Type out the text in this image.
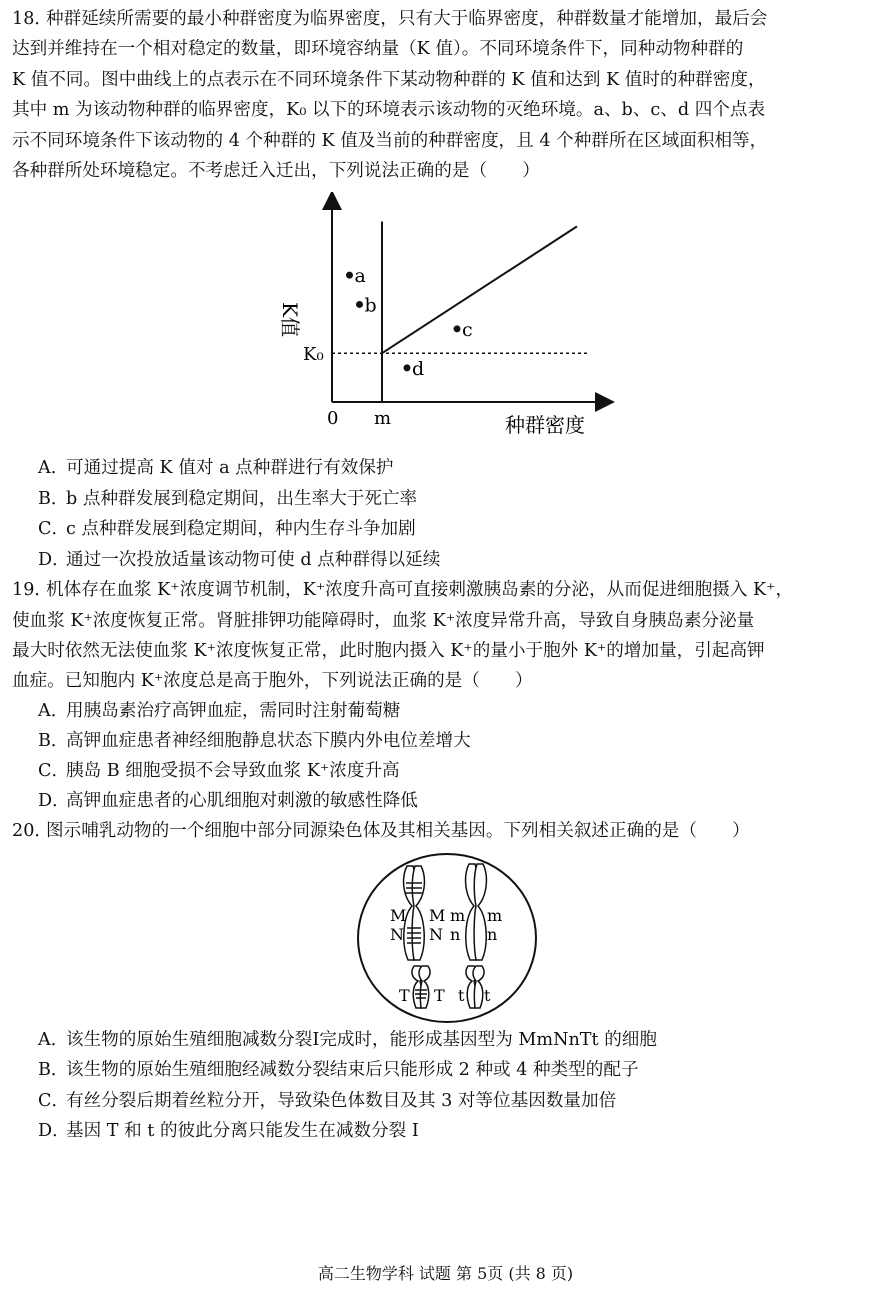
18．种群延续所需要的最小种群密度为临界密度，只有大于临界密度，种群数量才能增加，最后会
达到并维持在一个相对稳定的数量，即环境容纳量（K 值）。不同环境条件下，同种动物种群的
K 值不同。图中曲线上的点表示在不同环境条件下某动物种群的 K 值和达到 K 值时的种群密度，
其中 m 为该动物种群的临界密度，K₀ 以下的环境表示该动物的灭绝环境。a、b、c、d 四个点表
示不同环境条件下该动物的 4 个种群的 K 值及当前的种群密度，且 4 个种群所在区域面积相等，
各种群所处环境稳定。不考虑迁入迁出，下列说法正确的是（　　）
a
b
c
d
K值
种群密度
0 m
K₀
A．可通过提高 K 值对 a 点种群进行有效保护
B．b 点种群发展到稳定期间，出生率大于死亡率
C．c 点种群发展到稳定期间，种内生存斗争加剧
D．通过一次投放适量该动物可使 d 点种群得以延续
19．机体存在血浆 K⁺浓度调节机制，K⁺浓度升高可直接刺激胰岛素的分泌，从而促进细胞摄入 K⁺，
使血浆 K⁺浓度恢复正常。肾脏排钾功能障碍时，血浆 K⁺浓度异常升高，导致自身胰岛素分泌量
最大时依然无法使血浆 K⁺浓度恢复正常，此时胞内摄入 K⁺的量小于胞外 K⁺的增加量，引起高钾
血症。已知胞内 K⁺浓度总是高于胞外，下列说法正确的是（　　）
A．用胰岛素治疗高钾血症，需同时注射葡萄糖
B．高钾血症患者神经细胞静息状态下膜内外电位差增大
C．胰岛 B 细胞受损不会导致血浆 K⁺浓度升高
D．高钾血症患者的心肌细胞对刺激的敏感性降低
20．图示哺乳动物的一个细胞中部分同源染色体及其相关基因。下列相关叙述正确的是（　　）
M
N
M
N
m
n
m
n
T T t t
A．该生物的原始生殖细胞减数分裂Ⅰ完成时，能形成基因型为 MmNnTt 的细胞
B．该生物的原始生殖细胞经减数分裂结束后只能形成 2 种或 4 种类型的配子
C．有丝分裂后期着丝粒分开，导致染色体数目及其 3 对等位基因数量加倍
D．基因 T 和 t 的彼此分离只能发生在减数分裂 I
高二生物学科 试题 第 5页 (共 8 页)
